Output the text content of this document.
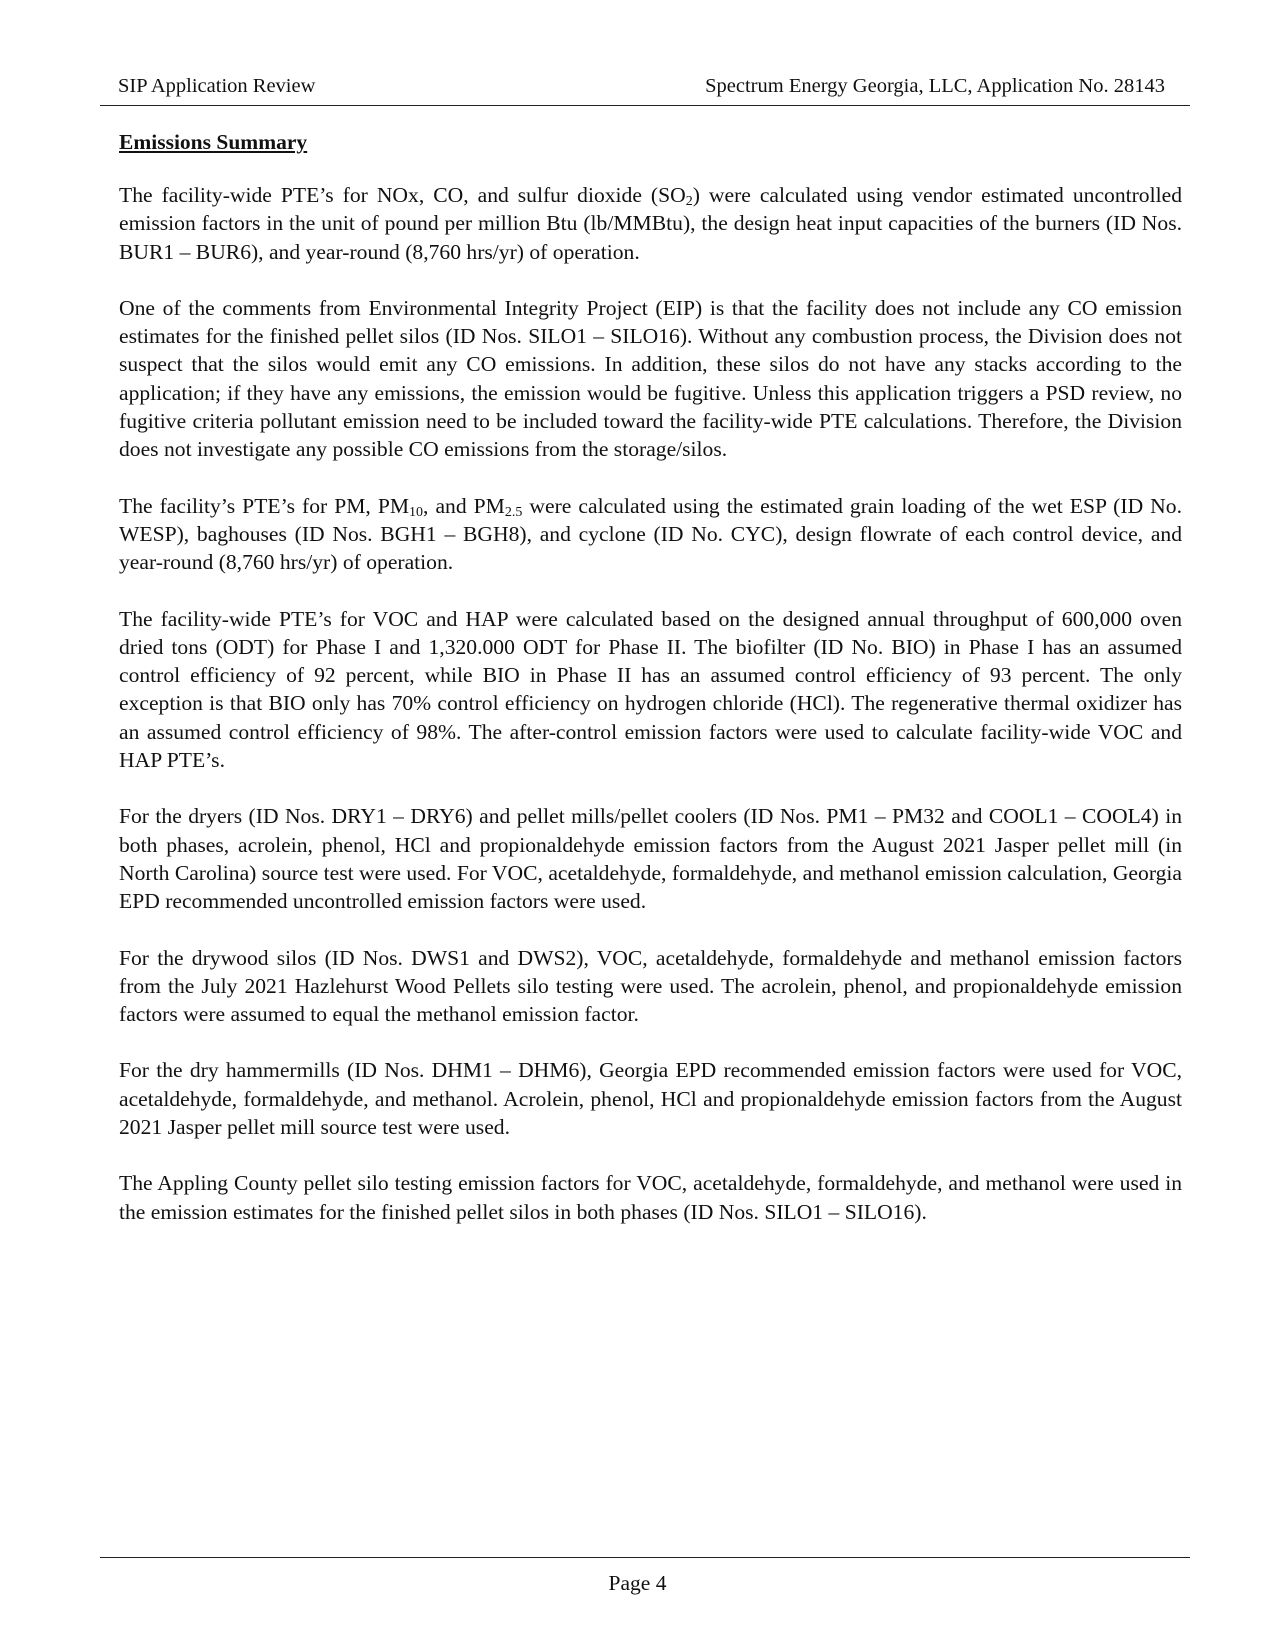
SIP Application Review	Spectrum Energy Georgia, LLC, Application No. 28143
Emissions Summary

The facility-wide PTE’s for NOx, CO, and sulfur dioxide $(SO_2)$ were calculated using vendor estimated uncontrolled emission factors in the unit of pound per million Btu (lb/MMBtu), the design heat input capacities of the burners (ID Nos. BUR1 – BUR6), and year-round (8,760 hrs/yr) of operation.

One of the comments from Environmental Integrity Project (EIP) is that the facility does not include any CO emission estimates for the finished pellet silos (ID Nos. SILO1 – SILO16). Without any combustion process, the Division does not suspect that the silos would emit any CO emissions. In addition, these silos do not have any stacks according to the application; if they have any emissions, the emission would be fugitive. Unless this application triggers a PSD review, no fugitive criteria pollutant emission need to be included toward the facility-wide PTE calculations. Therefore, the Division does not investigate any possible CO emissions from the storage/silos.

The facility’s PTE’s for PM, $PM_{10}$, and $PM_{2.5}$ were calculated using the estimated grain loading of the wet ESP (ID No. WESP), baghouses (ID Nos. BGH1 – BGH8), and cyclone (ID No. CYC), design flowrate of each control device, and year-round (8,760 hrs/yr) of operation.

The facility-wide PTE’s for VOC and HAP were calculated based on the designed annual throughput of 600,000 oven dried tons (ODT) for Phase I and 1,320.000 ODT for Phase II. The biofilter (ID No. BIO) in Phase I has an assumed control efficiency of 92 percent, while BIO in Phase II has an assumed control efficiency of 93 percent. The only exception is that BIO only has 70% control efficiency on hydrogen chloride (HCl). The regenerative thermal oxidizer has an assumed control efficiency of 98%. The after-control emission factors were used to calculate facility-wide VOC and HAP PTE’s.

For the dryers (ID Nos. DRY1 – DRY6) and pellet mills/pellet coolers (ID Nos. PM1 – PM32 and COOL1 – COOL4) in both phases, acrolein, phenol, HCl and propionaldehyde emission factors from the August 2021 Jasper pellet mill (in North Carolina) source test were used. For VOC, acetaldehyde, formaldehyde, and methanol emission calculation, Georgia EPD recommended uncontrolled emission factors were used.

For the drywood silos (ID Nos. DWS1 and DWS2), VOC, acetaldehyde, formaldehyde and methanol emission factors from the July 2021 Hazlehurst Wood Pellets silo testing were used. The acrolein, phenol, and propionaldehyde emission factors were assumed to equal the methanol emission factor.

For the dry hammermills (ID Nos. DHM1 – DHM6), Georgia EPD recommended emission factors were used for VOC, acetaldehyde, formaldehyde, and methanol. Acrolein, phenol, HCl and propionaldehyde emission factors from the August 2021 Jasper pellet mill source test were used.

The Appling County pellet silo testing emission factors for VOC, acetaldehyde, formaldehyde, and methanol were used in the emission estimates for the finished pellet silos in both phases (ID Nos. SILO1 – SILO16).

Page 4
